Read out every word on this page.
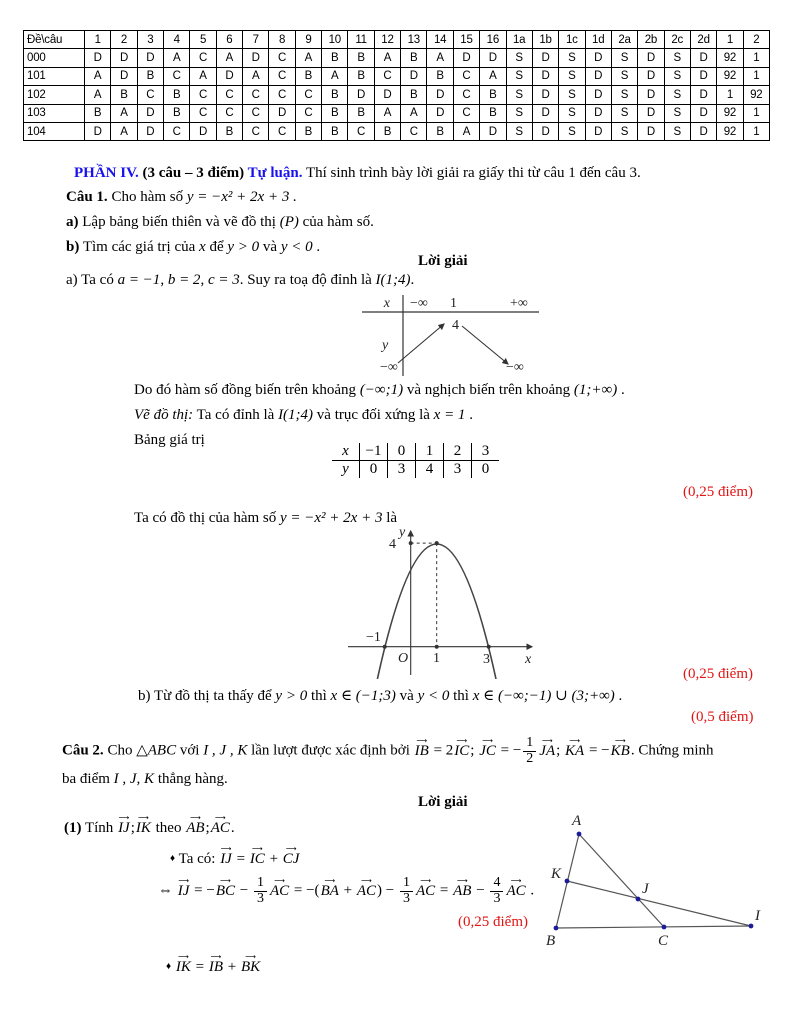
Đề\câu	1	2	3	4	5	6	7	8	9	10	11	12	13	14	15	16	1a	1b	1c	1d	2a	2b	2c	2d	1	2
000	D	D	D	A	C	A	D	C	A	B	B	A	B	A	D	D	S	D	S	D	S	D	S	D	92	1
101	A	D	B	C	A	D	A	C	B	A	B	C	D	B	C	A	S	D	S	D	S	D	S	D	92	1
102	A	B	C	B	C	C	C	C	C	B	D	D	B	D	C	B	S	D	S	D	S	D	S	D	1	92
103	B	A	D	B	C	C	C	D	C	B	B	A	A	D	C	B	S	D	S	D	S	D	S	D	92	1
104	D	A	D	C	D	B	C	C	B	B	C	B	C	B	A	D	S	D	S	D	S	D	S	D	92	1
PHẦN IV. (3 câu – 3 điểm) Tự luận. Thí sinh trình bày lời giải ra giấy thi từ câu 1 đến câu 3.
Câu 1. Cho hàm số y = −x² + 2x + 3 .
a) Lập bảng biến thiên và vẽ đồ thị (P) của hàm số.
b) Tìm các giá trị của x để y > 0 và y < 0 .
Lời giải
a) Ta có a = −1, b = 2, c = 3. Suy ra toạ độ đỉnh là I(1;4).
x −∞ 1	+∞
y
4
−∞	−∞
Do đó hàm số đồng biến trên khoảng (−∞;1) và nghịch biến trên khoảng (1;+∞) .
Vẽ đồ thị: Ta có đỉnh là I(1;4) và trục đối xứng là x = 1 .
Bảng giá trị
x	−1	0	1	2	3
y	0	3	4	3	0
(0,25 điểm)
Ta có đồ thị của hàm số y = −x² + 2x + 3 là
y
4
−1
O 1	3	x
(0,25 điểm)
b) Từ đồ thị ta thấy để y > 0 thì x ∈ (−1;3) và y < 0 thì x ∈ (−∞;−1) ∪ (3;+∞) .
(0,5 điểm)
Câu 2. Cho △ABC với I , J , K lần lượt được xác định bởi IB ⟶ = 2IC ⟶; JC ⟶ = − $\frac{1}{2}$ JA ⟶; KA ⟶ = −KB ⟶. Chứng minh
ba điểm I , J, K thẳng hàng.
Lời giải
(1) Tính IJ ⟶;IK ⟶ theo AB ⟶;AC ⟶.	A
K
B	C
I
J
♦ Ta có: IJ ⟶ = IC ⟶ + CJ ⟶
⇔ IJ ⟶ = −BC ⟶ − $\frac{1}{3}$ AC ⟶ = −(BA ⟶ + AC ⟶) − $\frac{1}{3}$ AC ⟶ = AB ⟶ − $\frac{4}{3}$ AC ⟶ .
(0,25 điểm)
♦ IK ⟶ = IB ⟶ + BK ⟶
